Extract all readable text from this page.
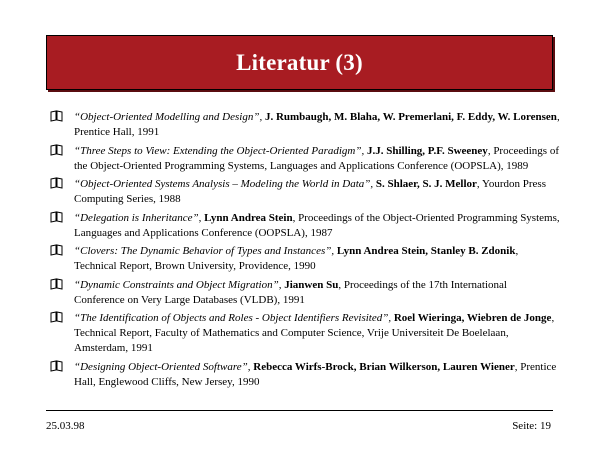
Literatur (3)
“Object-Oriented Modelling and Design”, J. Rumbaugh, M. Blaha, W. Premerlani, F. Eddy, W. Lorensen, Prentice Hall, 1991
“Three Steps to View: Extending the Object-Oriented Paradigm”, J.J. Shilling, P.F. Sweeney, Proceedings of the Object-Oriented Programming Systems, Languages and Applications Conference (OOPSLA), 1989
“Object-Oriented Systems Analysis – Modeling the World in Data”, S. Shlaer, S. J. Mellor, Yourdon Press Computing Series, 1988
“Delegation is Inheritance”, Lynn Andrea Stein, Proceedings of the Object-Oriented Programming Systems, Languages and Applications Conference (OOPSLA), 1987
“Clovers: The Dynamic Behavior of Types and Instances”, Lynn Andrea Stein, Stanley B. Zdonik, Technical Report, Brown University, Providence, 1990
“Dynamic Constraints and Object Migration”, Jianwen Su, Proceedings of the 17th International Conference on Very Large Databases (VLDB), 1991
“The Identification of Objects and Roles - Object Identifiers Revisited”, Roel Wieringa, Wiebren de Jonge, Technical Report, Faculty of Mathematics and Computer Science, Vrije Universiteit De Boelelaan, Amsterdam, 1991
“Designing Object-Oriented Software”, Rebecca Wirfs-Brock, Brian Wilkerson, Lauren Wiener, Prentice Hall, Englewood Cliffs, New Jersey, 1990
25.03.98	Seite: 19
